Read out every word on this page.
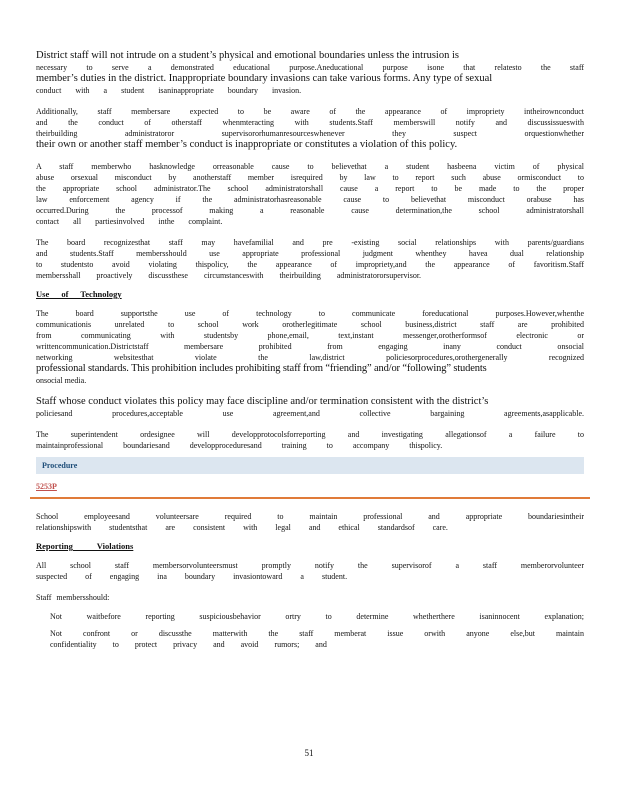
District staff will not intrude on a student’s physical and emotional boundaries unless the intrusion is
necessary to serve a demonstrated educational purpose.Aneducational purpose isone that relatesto the staff
member’s duties in the district. Inappropriate boundary invasions can take various forms. Any type of sexual
conduct with a student isaninappropriate boundary invasion.
Additionally, staff membersare expected to be aware of the appearance of impropriety intheirownconduct
and the conduct of otherstaff whenmteracting with students.Staff memberswill notify and discussissueswith
theirbuilding administratoror supervisororhumanresourceswhenever they suspect orquestionwhether
their own or another staff member’s conduct is inappropriate or constitutes a violation of this policy.
A staff memberwho hasknowledge orreasonable cause to believethat a student hasbeena victim of physical
abuse orsexual misconduct by anotherstaff member isrequired by law to report such abuse ormisconduct to
the appropriate school administrator.The school administratorshall cause a report to be made to the proper
law enforcement agency if the administratorhasreasonable cause to believethat misconduct orabuse has
occurred.During the processof making a reasonable cause determination,the school administratorshall
contact all partiesinvolved inthe complaint.
The board recognizesthat staff may havefamilial and pre -existing social relationships with parents/guardians
and students.Staff membersshould use appropriate professional judgment whenthey havea dual relationship
to studentsto avoid violating thispolicy, the appearance of impropriety,and the appearance of favoritism.Staff
membersshall proactively discussthese circumstanceswith theirbuilding administratororsupervisor.
Use of Technology
The board supportsthe use of technology to communicate foreducational purposes.However,whenthe
communicationis unrelated to school work orotherlegitimate school business,district staff are prohibited
from communicating with studentsby phone,email, text,instant messenger,orotherformsof electronic or
writtencommunication.Districtstaff membersare prohibited from engaging inany conduct onsocial
networking websitesthat violate the law,district policiesorprocedures,orothergenerally recognized
professional standards. This prohibition includes prohibiting staff from “friending” and/or “following” students
onsocial media.
Staff whose conduct violates this policy may face discipline and/or termination consistent with the district’s
policiesand procedures,acceptable use agreement,and collective bargaining agreements,asapplicable.
The superintendent ordesignee will developprotocolsforreporting and investigating allegationsof a failure to
maintainprofessional boundariesand developproceduresand training to accompany thispolicy.
Procedure
5253P
School employeesand volunteersare required to maintain professional and appropriate boundariesintheir
relationshipswith studentsthat are consistent with legal and ethical standardsof care.
Reporting Violations
All school staff membersorvolunteersmust promptly notify the supervisorof a staff memberorvolunteer
suspected of engaging ina boundary invasiontoward a student.
Staff membersshould:
Not waitbefore reporting suspiciousbehavior ortry to determine whetherthere isaninnocent explanation;
Not confront or discussthe matterwith the staff memberat issue orwith anyone else,but maintain
confidentiality to protect privacy and avoid rumors; and
51
